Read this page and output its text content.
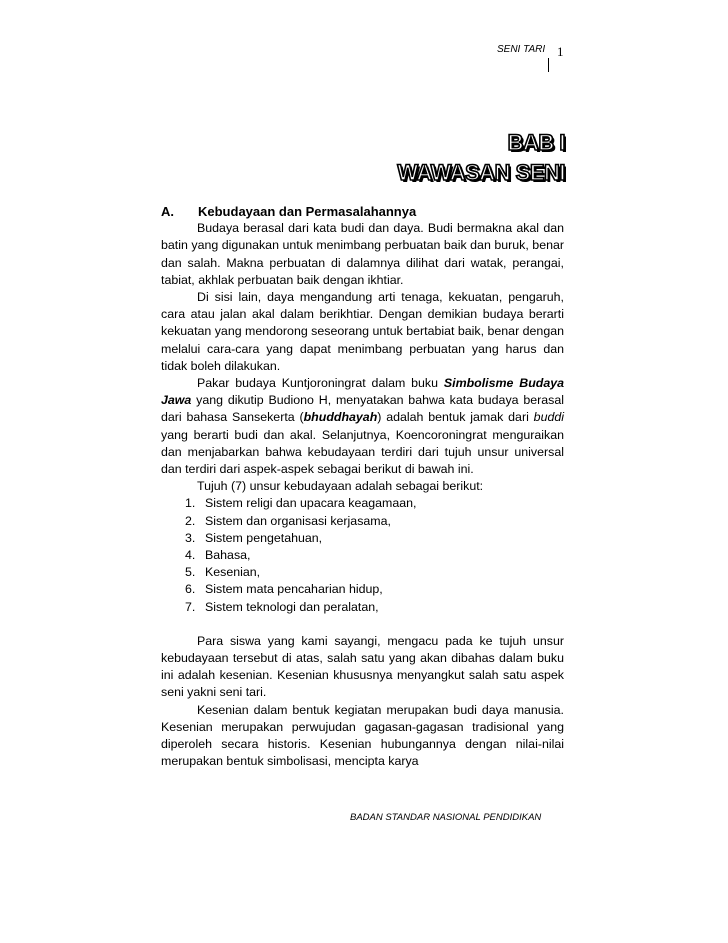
SENI TARI 1
BAB I
WAWASAN SENI

A. Kebudayaan dan Permasalahannya

Budaya berasal dari kata budi dan daya. Budi bermakna akal dan batin yang digunakan untuk menimbang perbuatan baik dan buruk, benar dan salah. Makna perbuatan di dalamnya dilihat dari watak, perangai, tabiat, akhlak perbuatan baik dengan ikhtiar.

Di sisi lain, daya mengandung arti tenaga, kekuatan, pengaruh, cara atau jalan akal dalam berikhtiar. Dengan demikian budaya berarti kekuatan yang mendorong seseorang untuk bertabiat baik, benar dengan melalui cara-cara yang dapat menimbang perbuatan yang harus dan tidak boleh dilakukan.

Pakar budaya Kuntjoroningrat dalam buku Simbolisme Budaya Jawa yang dikutip Budiono H, menyatakan bahwa kata budaya berasal dari bahasa Sansekerta (bhuddhayah) adalah bentuk jamak dari buddi yang berarti budi dan akal. Selanjutnya, Koencoroningrat menguraikan dan menjabarkan bahwa kebudayaan terdiri dari tujuh unsur universal dan terdiri dari aspek-aspek sebagai berikut di bawah ini.

Tujuh (7) unsur kebudayaan adalah sebagai berikut:

1. Sistem religi dan upacara keagamaan,
2. Sistem dan organisasi kerjasama,
3. Sistem pengetahuan,
4. Bahasa,
5. Kesenian,
6. Sistem mata pencaharian hidup,
7. Sistem teknologi dan peralatan,

Para siswa yang kami sayangi, mengacu pada ke tujuh unsur kebudayaan tersebut di atas, salah satu yang akan dibahas dalam buku ini adalah kesenian. Kesenian khususnya menyangkut salah satu aspek seni yakni seni tari.

Kesenian dalam bentuk kegiatan merupakan budi daya manusia. Kesenian merupakan perwujudan gagasan-gagasan tradisional yang diperoleh secara historis. Kesenian hubungannya dengan nilai-nilai merupakan bentuk simbolisasi, mencipta karya

BADAN STANDAR NASIONAL PENDIDIKAN
